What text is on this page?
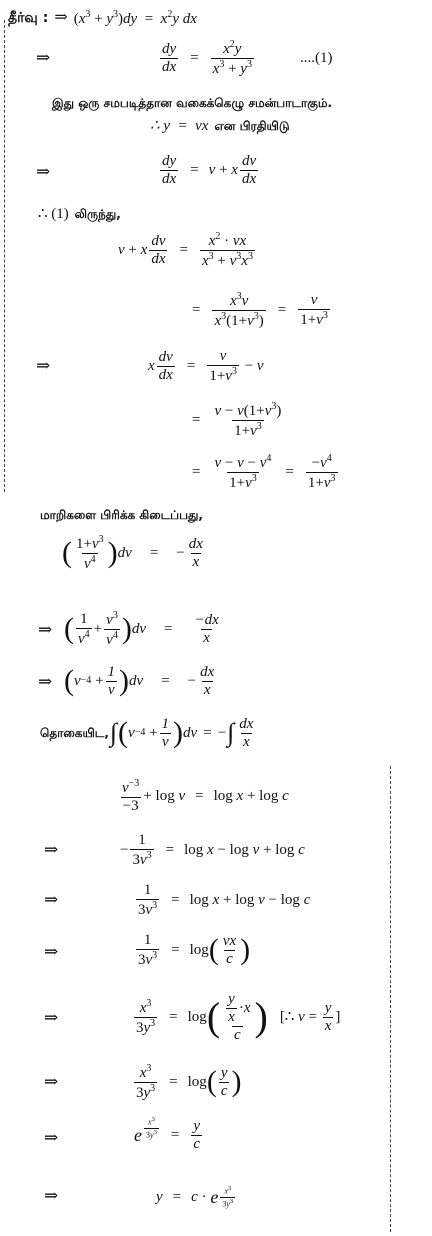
தீர்வு : ⇒ $(x^3 + y^3)dy = x^2y$ dx
⇒	$\frac{dy}{dx} = \frac{x^2y}{x^3 + y^3}$	....(1)
இது ஒரு சமபடித்தான வகைக்கெழு சமன்பாடாகும்.
∴ y  =  vx என பிரதியிடு
⇒	$\frac{dy}{dx} = v + x \frac{dv}{dx}$
∴ (1) லிருந்து,
v + x $\frac{dv}{dx} = \frac{x^2 \cdot vx}{x^3 + v^3x^3}$
= $\frac{x^3v}{x^3(1+v^3)} = \frac{v}{1+v^3}$
⇒	x $\frac{dv}{dx} = \frac{v}{1+v^3} - v$
= $\frac{v - v(1+v^3)}{1+v^3}$
= $\frac{v - v - v^4}{1+v^3} = \frac{-v^4}{1+v^3}$
மாறிகளை பிரிக்க கிடைப்பது,
( $\frac{1+v^3}{v^4}$ ) dv = − $\frac{dx}{x}$
⇒ ( $\frac{1}{v^4} + \frac{v^3}{v^4}$ ) dv = $\frac{-dx}{x}$
⇒ ( $v -4 + \frac{1}{v}$ ) dv = − $\frac{dx}{x}$
தொகையிட, ∫ ( $v -4 + \frac{1}{v}$ ) dv = − ∫ $\frac{dx}{x}$
$\frac{v^{-3}}{-3} + \log v = \log x + \log c$
⇒	− $\frac{1}{3v^3} = \log x - \log v + \log c$
⇒	$\frac{1}{3v^3} = \log x + \log v - \log c$
⇒	$\frac{1}{3v^3} = \log$ ( $\frac{vx}{c}$ )
⇒	$\frac{x^3}{3y^3} = \log$ ( $\frac{\frac{y}{x} \cdot x}{c}$ ) [∴ $v = \frac{y}{x}$ ]
⇒	$\frac{x^3}{3y^3} = \log$ ( $\frac{y}{c}$ )
⇒	e $\frac{x^3}{3y^3} = \frac{y}{c}$
⇒	y = c · e $\frac{x^3}{3y^3}$
